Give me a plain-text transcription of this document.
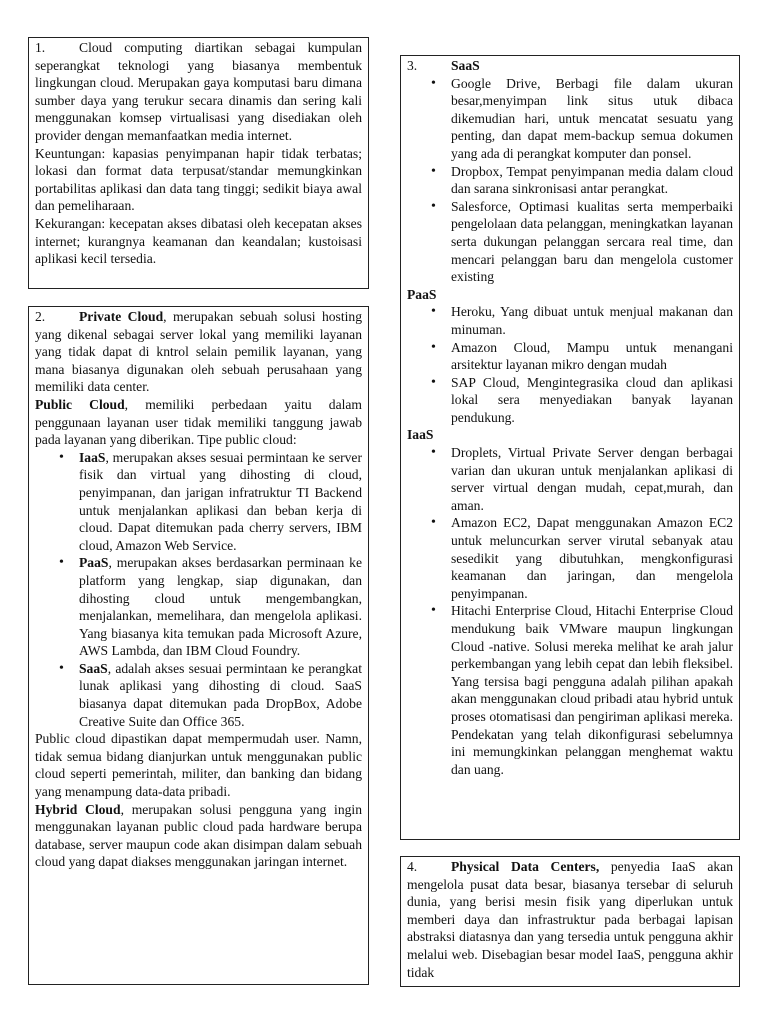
1. Cloud computing diartikan sebagai kumpulan seperangkat teknologi yang biasanya membentuk lingkungan cloud. Merupakan gaya komputasi baru dimana sumber daya yang terukur secara dinamis dan sering kali menggunakan komsep virtualisasi yang disediakan oleh provider dengan memanfaatkan media internet.

Keuntungan: kapasias penyimpanan hapir tidak terbatas; lokasi dan format data terpusat/standar memungkinkan portabilitas aplikasi dan data tang tinggi; sedikit biaya awal dan pemeliharaan.

Kekurangan: kecepatan akses dibatasi oleh kecepatan akses internet; kurangnya keamanan dan keandalan; kustoisasi aplikasi kecil tersedia.

2. Private Cloud, merupakan sebuah solusi hosting yang dikenal sebagai server lokal yang memiliki layanan yang tidak dapat di kntrol selain pemilik layanan, yang mana biasanya digunakan oleh sebuah perusahaan yang memiliki data center.

Public Cloud, memiliki perbedaan yaitu dalam penggunaan layanan user tidak memiliki tanggung jawab pada layanan yang diberikan. Tipe public cloud:

• IaaS, merupakan akses sesuai permintaan ke server fisik dan virtual yang dihosting di cloud, penyimpanan, dan jarigan infratruktur TI Backend untuk menjalankan aplikasi dan beban kerja di cloud. Dapat ditemukan pada cherry servers, IBM cloud, Amazon Web Service.
• PaaS, merupakan akses berdasarkan perminaan ke platform yang lengkap, siap digunakan, dan dihosting cloud untuk mengembangkan, menjalankan, memelihara, dan mengelola aplikasi. Yang biasanya kita temukan pada Microsoft Azure, AWS Lambda, dan IBM Cloud Foundry.
• SaaS, adalah akses sesuai permintaan ke perangkat lunak aplikasi yang dihosting di cloud. SaaS biasanya dapat ditemukan pada DropBox, Adobe Creative Suite dan Office 365.

Public cloud dipastikan dapat mempermudah user. Namn, tidak semua bidang dianjurkan untuk menggunakan public cloud seperti pemerintah, militer, dan banking dan bidang yang menampung data-data pribadi.

Hybrid Cloud, merupakan solusi pengguna yang ingin menggunakan layanan public cloud pada hardware berupa database, server maupun code akan disimpan dalam sebuah cloud yang dapat diakses menggunakan jaringan internet.

3. SaaS

• Google Drive, Berbagi file dalam ukuran besar,menyimpan link situs utuk dibaca dikemudian hari, untuk mencatat sesuatu yang penting, dan dapat mem-backup semua dokumen yang ada di perangkat komputer dan ponsel.
• Dropbox, Tempat penyimpanan media dalam cloud dan sarana sinkronisasi antar perangkat.
• Salesforce, Optimasi kualitas serta memperbaiki pengelolaan data pelanggan, meningkatkan layanan serta dukungan pelanggan sercara real time, dan mencari pelanggan baru dan mengelola customer existing

PaaS

• Heroku, Yang dibuat untuk menjual makanan dan minuman.
• Amazon Cloud, Mampu untuk menangani arsitektur layanan mikro dengan mudah
• SAP Cloud, Mengintegrasika cloud dan aplikasi lokal sera menyediakan banyak layanan pendukung.

IaaS

• Droplets, Virtual Private Server dengan berbagai varian dan ukuran untuk menjalankan aplikasi di server virtual dengan mudah, cepat,murah, dan aman.
• Amazon EC2, Dapat menggunakan Amazon EC2 untuk meluncurkan server virutal sebanyak atau sesedikit yang dibutuhkan, mengkonfigurasi keamanan dan jaringan, dan mengelola penyimpanan.
• Hitachi Enterprise Cloud, Hitachi Enterprise Cloud mendukung baik VMware maupun lingkungan Cloud -native. Solusi mereka melihat ke arah jalur perkembangan yang lebih cepat dan lebih fleksibel. Yang tersisa bagi pengguna adalah pilihan apakah akan menggunakan cloud pribadi atau hybrid untuk proses otomatisasi dan pengiriman aplikasi mereka. Pendekatan yang telah dikonfigurasi sebelumnya ini memungkinkan pelanggan menghemat waktu dan uang.

4. Physical Data Centers, penyedia IaaS akan mengelola pusat data besar, biasanya tersebar di seluruh dunia, yang berisi mesin fisik yang diperlukan untuk memberi daya dan infrastruktur pada berbagai lapisan abstraksi diatasnya dan yang tersedia untuk pengguna akhir melalui web. Disebagian besar model IaaS, pengguna akhir tidak
